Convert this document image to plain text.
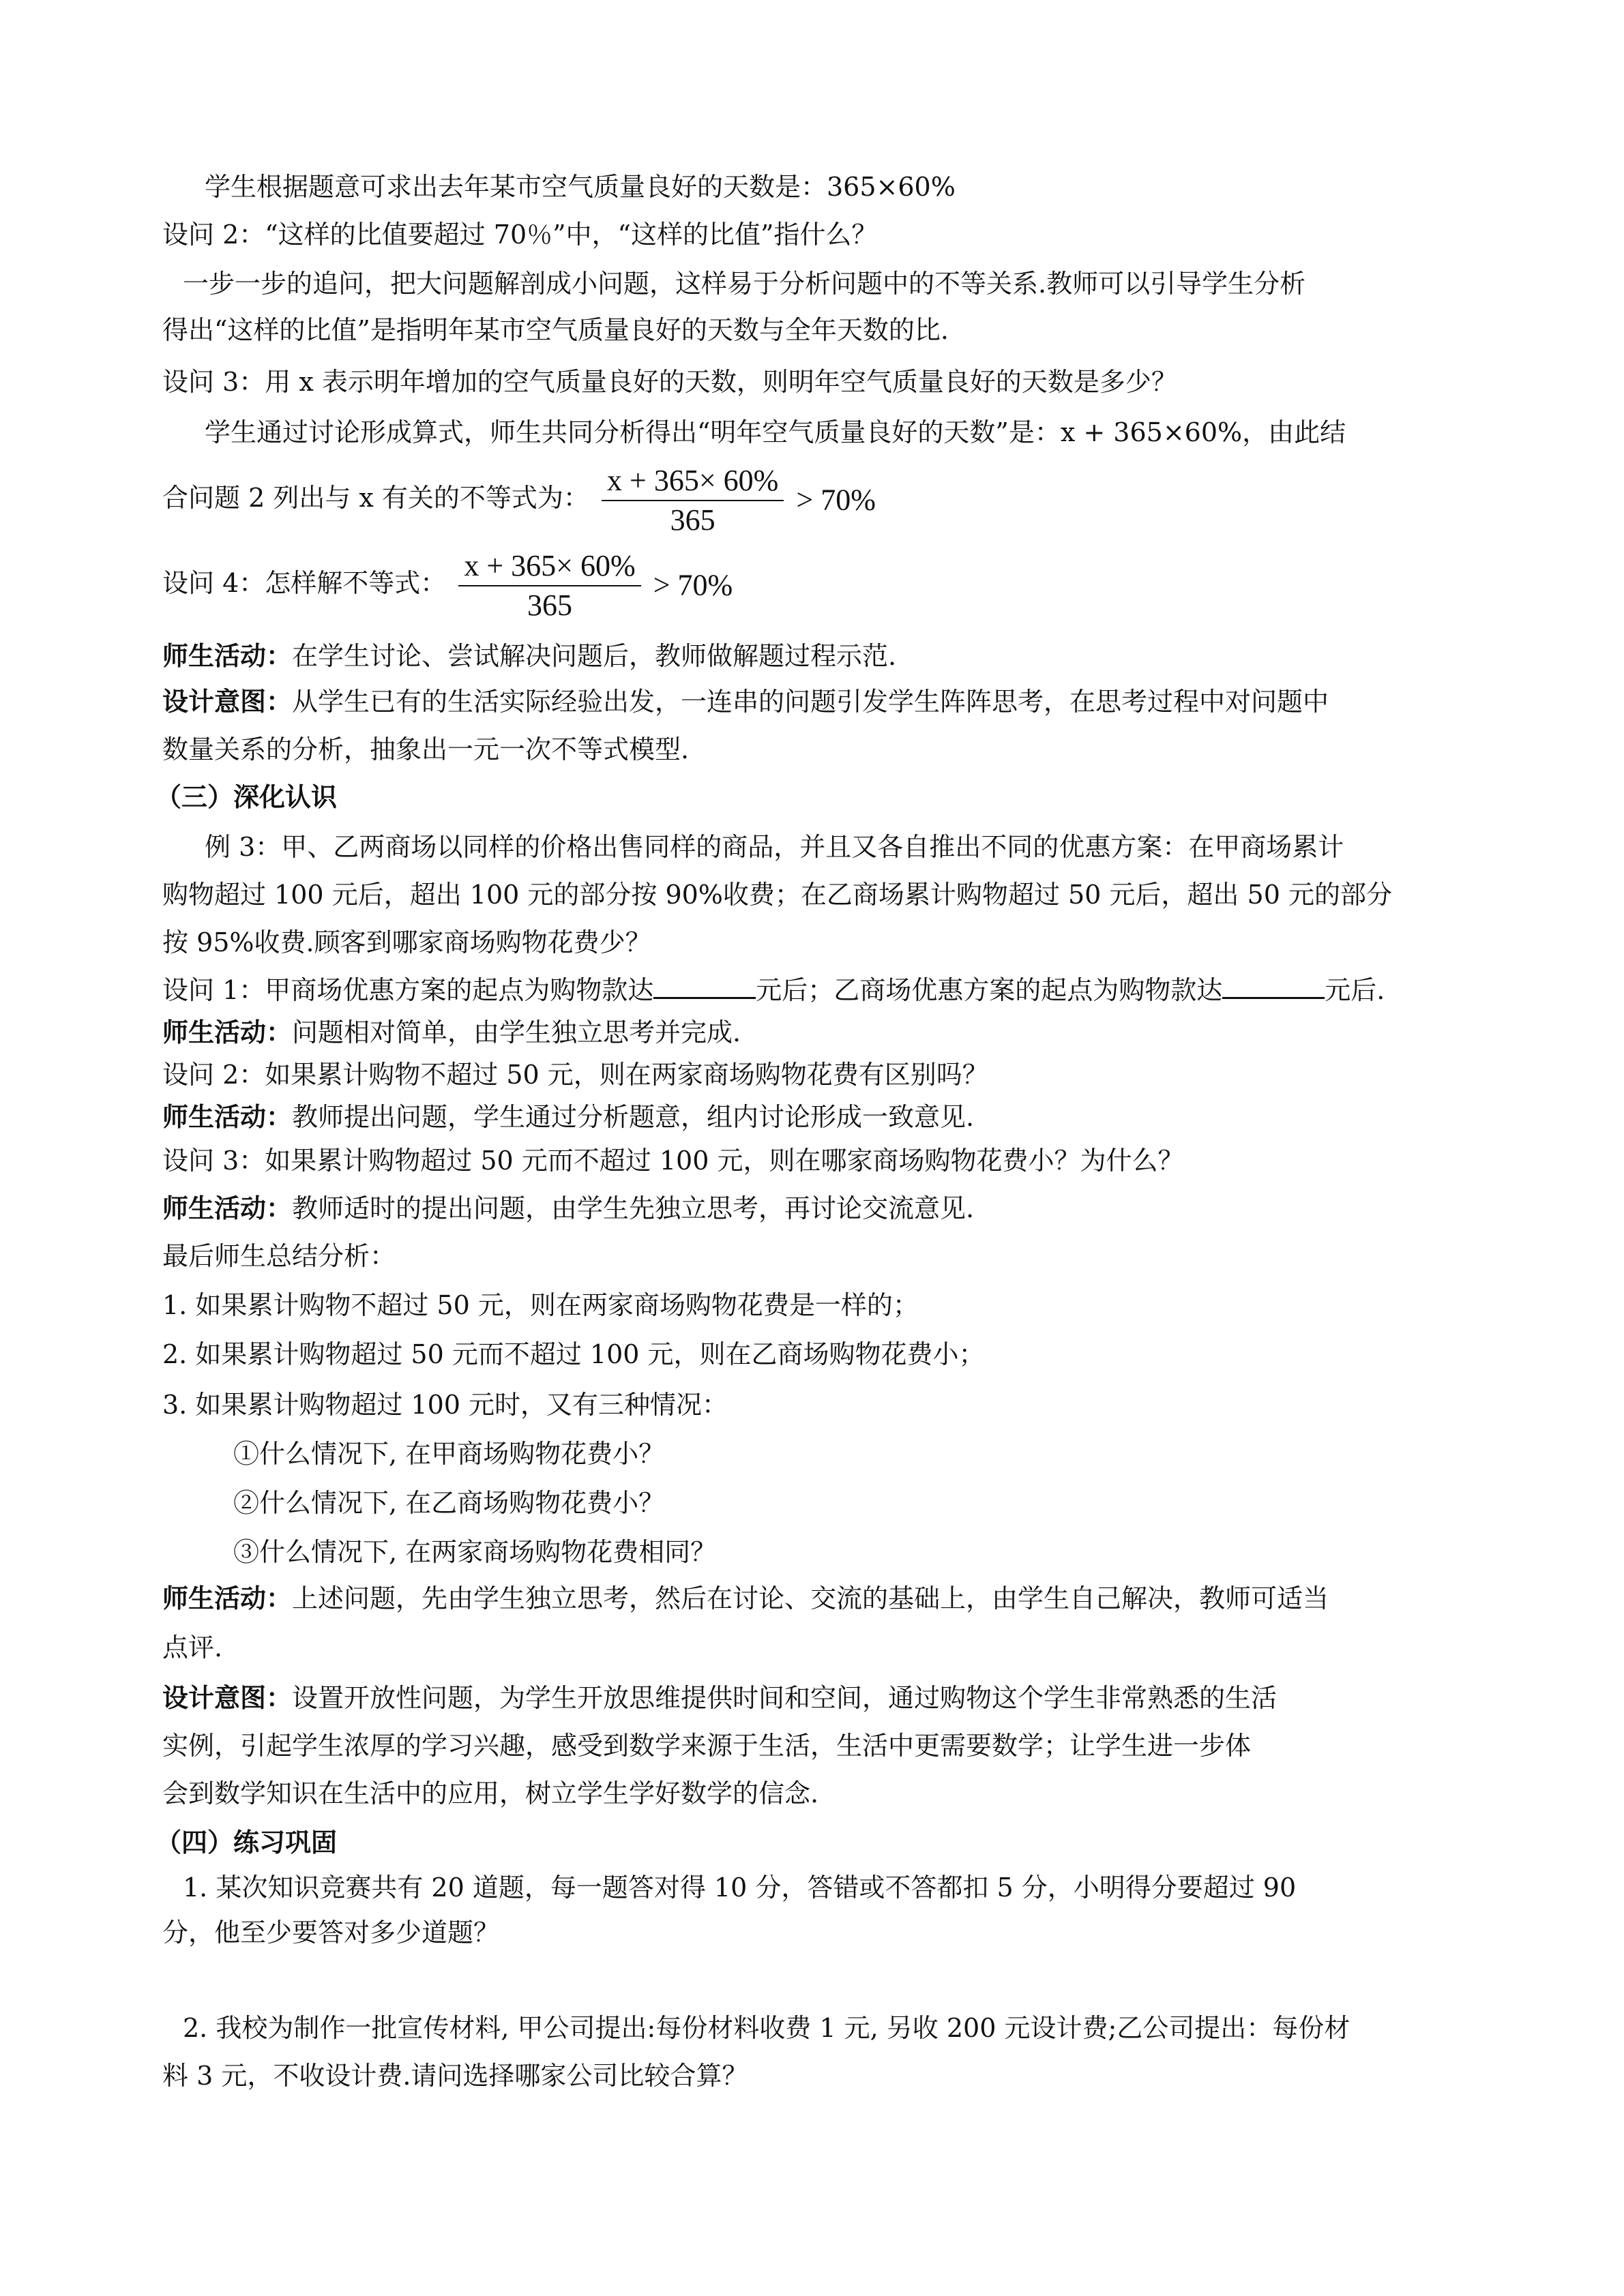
学生根据题意可求出去年某市空气质量良好的天数是：365×60%
设问 2：“这样的比值要超过 70％”中，“这样的比值”指什么？
一步一步的追问，把大问题解剖成小问题，这样易于分析问题中的不等关系.教师可以引导学生分析
得出“这样的比值”是指明年某市空气质量良好的天数与全年天数的比.
设问 3：用 x 表示明年增加的空气质量良好的天数，则明年空气质量良好的天数是多少？
学生通过讨论形成算式，师生共同分析得出“明年空气质量良好的天数”是：x + 365×60%，由此结
合问题 2 列出与 x 有关的不等式为： $\frac{x + 365\times 60\%}{365} > 70\%$
设问 4：怎样解不等式： $\frac{x + 365\times 60\%}{365} > 70\%$
师生活动：在学生讨论、尝试解决问题后，教师做解题过程示范.
设计意图：从学生已有的生活实际经验出发，一连串的问题引发学生阵阵思考，在思考过程中对问题中
数量关系的分析，抽象出一元一次不等式模型.
（三）深化认识
例 3：甲、乙两商场以同样的价格出售同样的商品，并且又各自推出不同的优惠方案：在甲商场累计
购物超过 100 元后，超出 100 元的部分按 90%收费；在乙商场累计购物超过 50 元后，超出 50 元的部分
按 95%收费.顾客到哪家商场购物花费少？
设问 1：甲商场优惠方案的起点为购物款达	元后；乙商场优惠方案的起点为购物款达	元后.
师生活动：问题相对简单，由学生独立思考并完成.
设问 2：如果累计购物不超过 50 元，则在两家商场购物花费有区别吗？
师生活动：教师提出问题，学生通过分析题意，组内讨论形成一致意见.
设问 3：如果累计购物超过 50 元而不超过 100 元，则在哪家商场购物花费小？为什么？
师生活动：教师适时的提出问题，由学生先独立思考，再讨论交流意见.
最后师生总结分析：
1. 如果累计购物不超过 50 元，则在两家商场购物花费是一样的；
2. 如果累计购物超过 50 元而不超过 100 元，则在乙商场购物花费小；
3. 如果累计购物超过 100 元时，又有三种情况：
①什么情况下, 在甲商场购物花费小？
②什么情况下, 在乙商场购物花费小？
③什么情况下, 在两家商场购物花费相同？
师生活动：上述问题，先由学生独立思考，然后在讨论、交流的基础上，由学生自己解决，教师可适当
点评.
设计意图：设置开放性问题，为学生开放思维提供时间和空间，通过购物这个学生非常熟悉的生活
实例，引起学生浓厚的学习兴趣，感受到数学来源于生活，生活中更需要数学；让学生进一步体
会到数学知识在生活中的应用，树立学生学好数学的信念.
（四）练习巩固
1. 某次知识竞赛共有 20 道题，每一题答对得 10 分，答错或不答都扣 5 分，小明得分要超过 90
分，他至少要答对多少道题？
2. 我校为制作一批宣传材料, 甲公司提出:每份材料收费 1 元, 另收 200 元设计费;乙公司提出：每份材
料 3 元，不收设计费.请问选择哪家公司比较合算？
